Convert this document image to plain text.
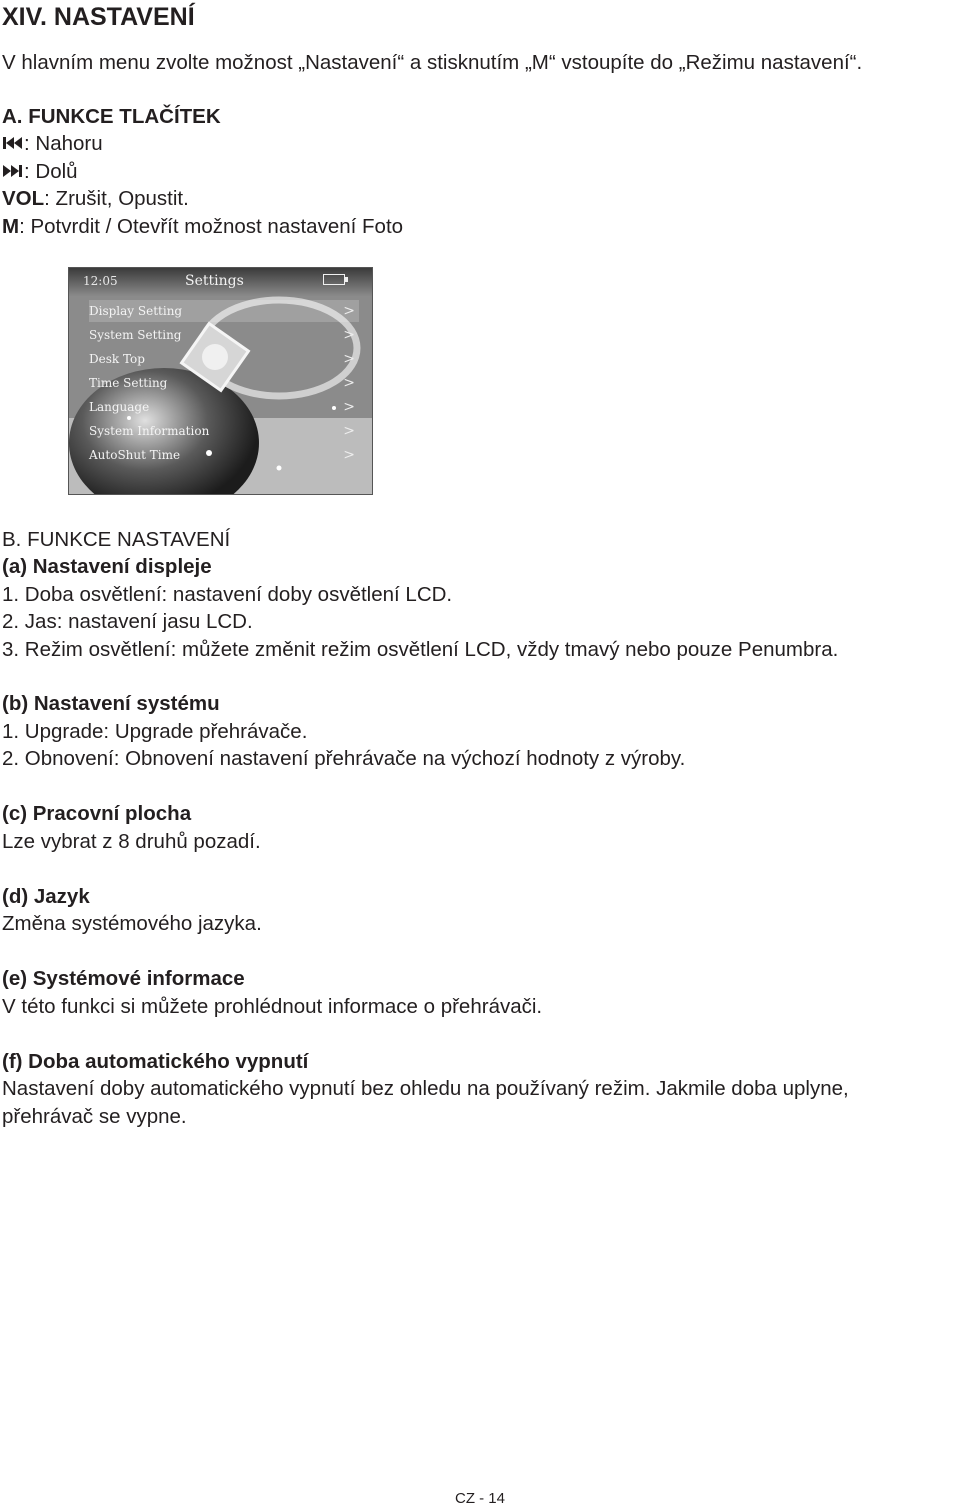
XIV. NASTAVENÍ
V hlavním menu zvolte možnost „Nastavení“ a stisknutím „M“ vstoupíte do „Režimu nastavení“.
A. FUNKCE TLAČÍTEK
: Nahoru
: Dolů
VOL: Zrušit, Opustit.
M: Potvrdit / Otevřít možnost nastavení Foto
12:05	Settings
Display Setting	>
System Setting	>
Desk Top	>
Time Setting	>
Language	>
System Information	>
AutoShut Time	>
B. FUNKCE NASTAVENÍ
(a) Nastavení displeje
1. Doba osvětlení: nastavení doby osvětlení LCD.
2. Jas: nastavení jasu LCD.
3. Režim osvětlení: můžete změnit režim osvětlení LCD, vždy tmavý nebo pouze Penumbra.
(b) Nastavení systému
1. Upgrade: Upgrade přehrávače.
2. Obnovení: Obnovení nastavení přehrávače na výchozí hodnoty z výroby.
(c) Pracovní plocha
Lze vybrat z 8 druhů pozadí.
(d) Jazyk
Změna systémového jazyka.
(e) Systémové informace
V této funkci si můžete prohlédnout informace o přehrávači.
(f) Doba automatického vypnutí
Nastavení doby automatického vypnutí bez ohledu na používaný režim. Jakmile doba uplyne,
přehrávač se vypne.
CZ - 14
